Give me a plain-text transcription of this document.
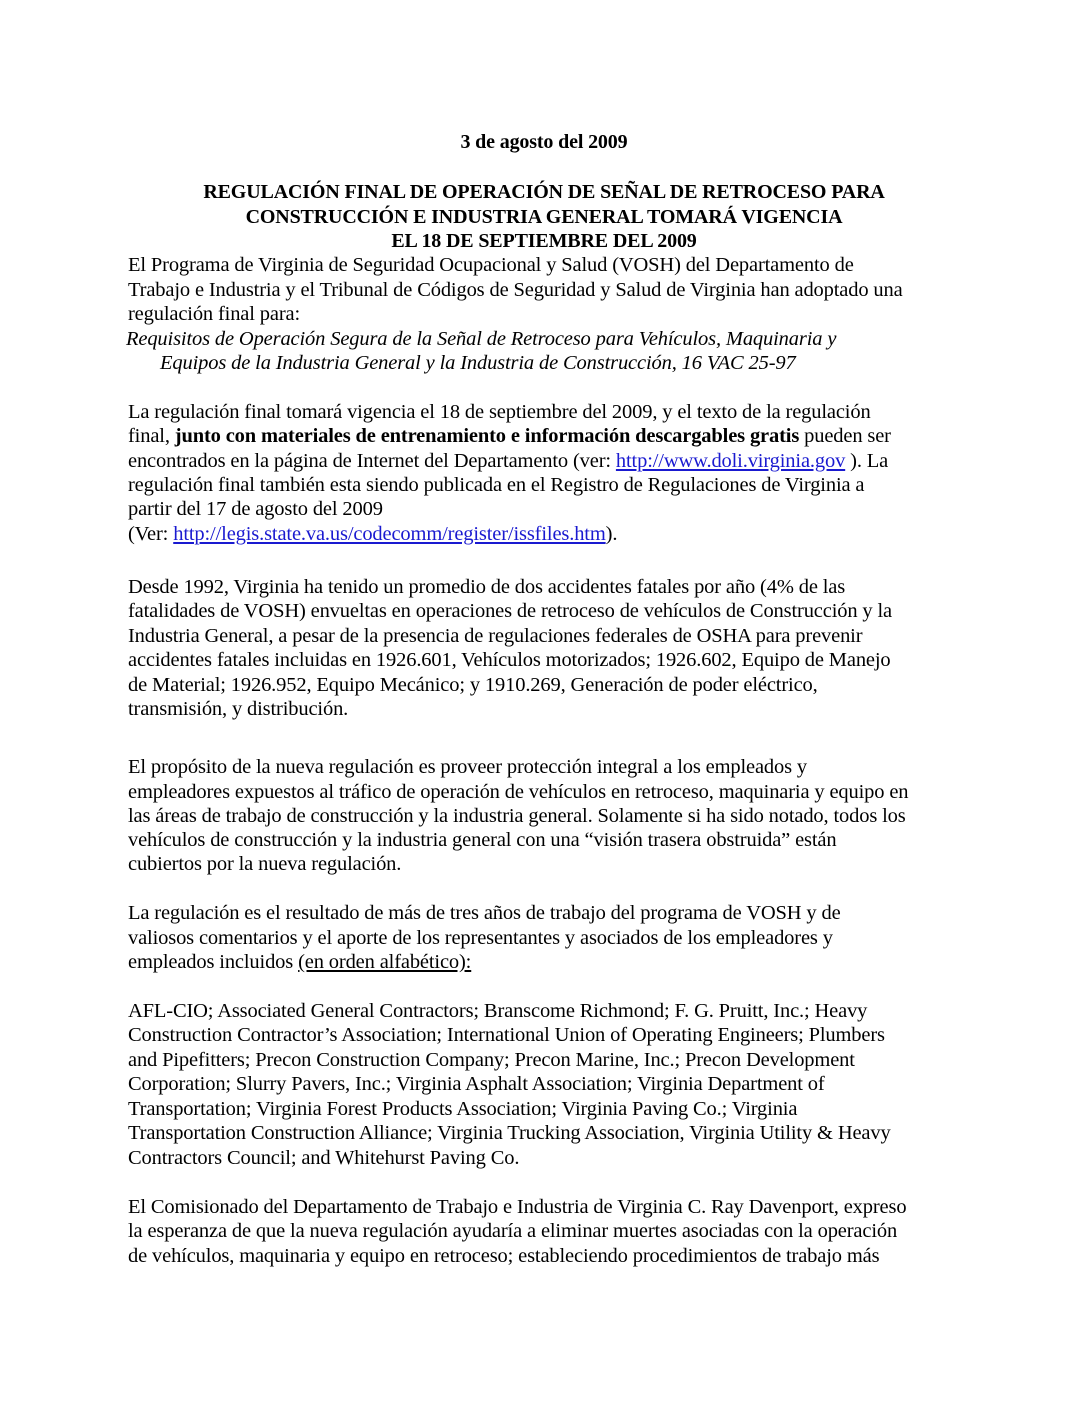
3 de agosto del 2009
REGULACIÓN FINAL DE OPERACIÓN DE SEÑAL DE RETROCESO PARA
CONSTRUCCIÓN E INDUSTRIA GENERAL TOMARÁ VIGENCIA
EL 18 DE SEPTIEMBRE DEL 2009
El Programa de Virginia de Seguridad Ocupacional y Salud (VOSH) del Departamento de
Trabajo e Industria y el Tribunal de Códigos de Seguridad y Salud de Virginia han adoptado una
regulación final para:
Requisitos de Operación Segura de la Señal de Retroceso para Vehículos, Maquinaria y
Equipos de la Industria General y la Industria de Construcción, 16 VAC 25-97
La regulación final tomará vigencia el 18 de septiembre del 2009, y el texto de la regulación
final, junto con materiales de entrenamiento e información descargables gratis pueden ser
encontrados en la página de Internet del Departamento (ver: http://www.doli.virginia.gov ). La
regulación final también esta siendo publicada en el Registro de Regulaciones de Virginia a
partir del 17 de agosto del 2009
(Ver: http://legis.state.va.us/codecomm/register/issfiles.htm).
Desde 1992, Virginia ha tenido un promedio de dos accidentes fatales por año (4% de las
fatalidades de VOSH) envueltas en operaciones de retroceso de vehículos de Construcción y la
Industria General, a pesar de la presencia de regulaciones federales de OSHA para prevenir
accidentes fatales incluidas en 1926.601, Vehículos motorizados; 1926.602, Equipo de Manejo
de Material; 1926.952, Equipo Mecánico; y 1910.269, Generación de poder eléctrico,
transmisión, y distribución.
El propósito de la nueva regulación es proveer protección integral a los empleados y
empleadores expuestos al tráfico de operación de vehículos en retroceso, maquinaria y equipo en
las áreas de trabajo de construcción y la industria general. Solamente si ha sido notado, todos los
vehículos de construcción y la industria general con una “visión trasera obstruida” están
cubiertos por la nueva regulación.
La regulación es el resultado de más de tres años de trabajo del programa de VOSH y de
valiosos comentarios y el aporte de los representantes y asociados de los empleadores y
empleados incluidos (en orden alfabético):
AFL-CIO; Associated General Contractors; Branscome Richmond; F. G. Pruitt, Inc.; Heavy
Construction Contractor’s Association; International Union of Operating Engineers; Plumbers
and Pipefitters; Precon Construction Company; Precon Marine, Inc.; Precon Development
Corporation; Slurry Pavers, Inc.; Virginia Asphalt Association; Virginia Department of
Transportation; Virginia Forest Products Association; Virginia Paving Co.; Virginia
Transportation Construction Alliance; Virginia Trucking Association, Virginia Utility & Heavy
Contractors Council; and Whitehurst Paving Co.
El Comisionado del Departamento de Trabajo e Industria de Virginia C. Ray Davenport, expreso
la esperanza de que la nueva regulación ayudaría a eliminar muertes asociadas con la operación
de vehículos, maquinaria y equipo en retroceso; estableciendo procedimientos de trabajo más
